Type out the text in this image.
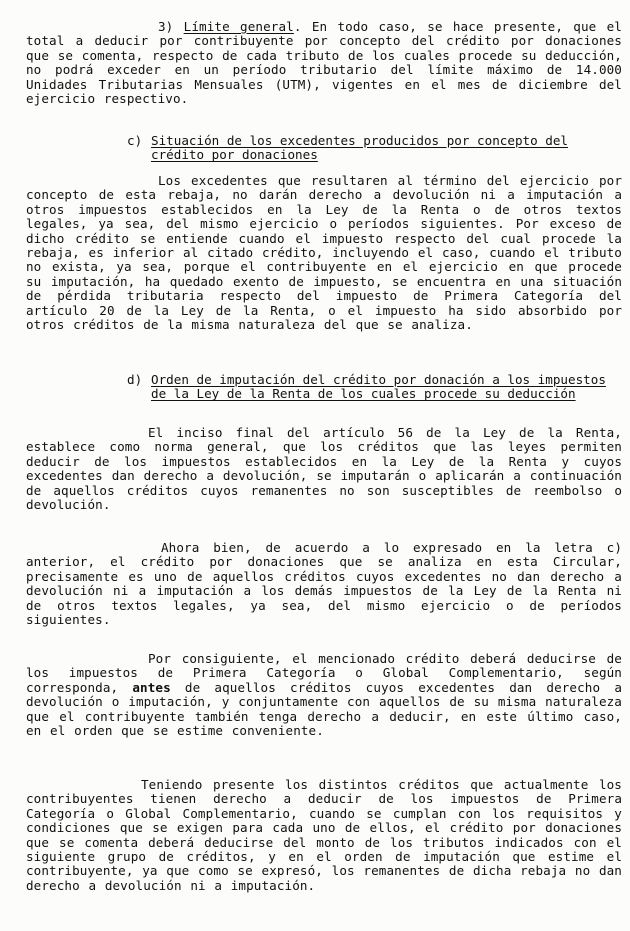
3) Límite general. En todo caso, se hace presente, que el total a deducir por contribuyente por concepto del crédito por donaciones que se comenta, respecto de cada tributo de los cuales procede su deducción, no podrá exceder en un período tributario del límite máximo de 14.000 Unidades Tributarias Mensuales (UTM), vigentes en el mes de diciembre del ejercicio respectivo.

c) Situación de los excedentes producidos por concepto del crédito por donaciones

Los excedentes que resultaren al término del ejercicio por concepto de esta rebaja, no darán derecho a devolución ni a imputación a otros impuestos establecidos en la Ley de la Renta o de otros textos legales, ya sea, del mismo ejercicio o períodos siguientes. Por exceso de dicho crédito se entiende cuando el impuesto respecto del cual procede la rebaja, es inferior al citado crédito, incluyendo el caso, cuando el tributo no exista, ya sea, porque el contribuyente en el ejercicio en que procede su imputación, ha quedado exento de impuesto, se encuentra en una situación de pérdida tributaria respecto del impuesto de Primera Categoría del artículo 20 de la Ley de la Renta, o el impuesto ha sido absorbido por otros créditos de la misma naturaleza del que se analiza.

d) Orden de imputación del crédito por donación a los impuestos de la Ley de la Renta de los cuales procede su deducción

El inciso final del artículo 56 de la Ley de la Renta, establece como norma general, que los créditos que las leyes permiten deducir de los impuestos establecidos en la Ley de la Renta y cuyos excedentes dan derecho a devolución, se imputarán o aplicarán a continuación de aquellos créditos cuyos remanentes no son susceptibles de reembolso o devolución.

Ahora bien, de acuerdo a lo expresado en la letra c) anterior, el crédito por donaciones que se analiza en esta Circular, precisamente es uno de aquellos créditos cuyos excedentes no dan derecho a devolución ni a imputación a los demás impuestos de la Ley de la Renta ni de otros textos legales, ya sea, del mismo ejercicio o de períodos siguientes.

Por consiguiente, el mencionado crédito deberá deducirse de los impuestos de Primera Categoría o Global Complementario, según corresponda, antes de aquellos créditos cuyos excedentes dan derecho a devolución o imputación, y conjuntamente con aquellos de su misma naturaleza que el contribuyente también tenga derecho a deducir, en este último caso, en el orden que se estime conveniente.

Teniendo presente los distintos créditos que actualmente los contribuyentes tienen derecho a deducir de los impuestos de Primera Categoría o Global Complementario, cuando se cumplan con los requisitos y condiciones que se exigen para cada uno de ellos, el crédito por donaciones que se comenta deberá deducirse del monto de los tributos indicados con el siguiente grupo de créditos, y en el orden de imputación que estime el contribuyente, ya que como se expresó, los remanentes de dicha rebaja no dan derecho a devolución ni a imputación.
